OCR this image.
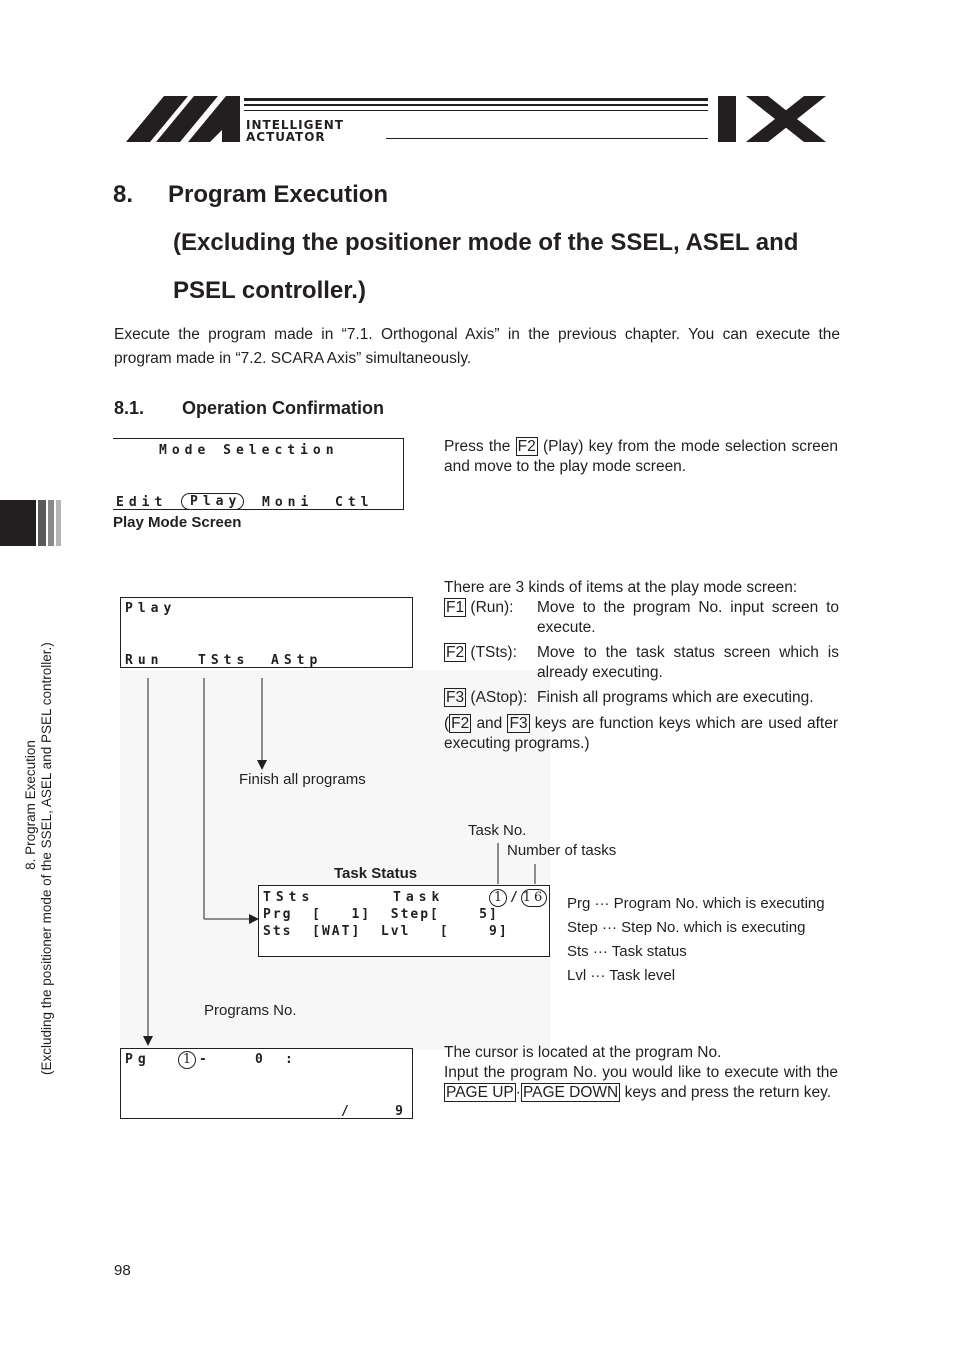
INTELLIGENT
ACTUATOR
8. Program Execution (Excluding the positioner mode of the SSEL, ASEL and PSEL controller.)
8. Program Execution
(Excluding the positioner mode of the SSEL, ASEL and
PSEL controller.)
Execute the program made in “7.1. Orthogonal Axis” in the previous chapter. You can execute the program made in “7.2. SCARA Axis” simultaneously.
8.1. Operation Confirmation
Mode Selection
Edit	Play Moni Ctl
Play Mode Screen
Press the F2 (Play) key from the mode selection screen and move to the play mode screen.
Play
Run	TSts AStp
There are 3 kinds of items at the play mode screen:
F1 (Run): Move to the program No. input screen to execute.
F2 (TSts): Move to the task status screen which is already executing.
F3 (AStop): Finish all programs which are executing.
( F2 and F3 keys are function keys which are used after executing programs.)
Finish all programs
Task No.
Number of tasks
Task Status
TSts	Task	1 / 16
Prg  [   1]  Step[    5]
Sts  [WAT]  Lvl   [    9]
Prg ··· Program No. which is executing
Step ··· Step No. which is executing
Sts ··· Task status
Lvl ··· Task level
Programs No.
Pg	1 -	0 :
/    9
The cursor is located at the program No.
Input the program No. you would like to execute with the PAGE UP · PAGE DOWN keys and press the return key.
98
